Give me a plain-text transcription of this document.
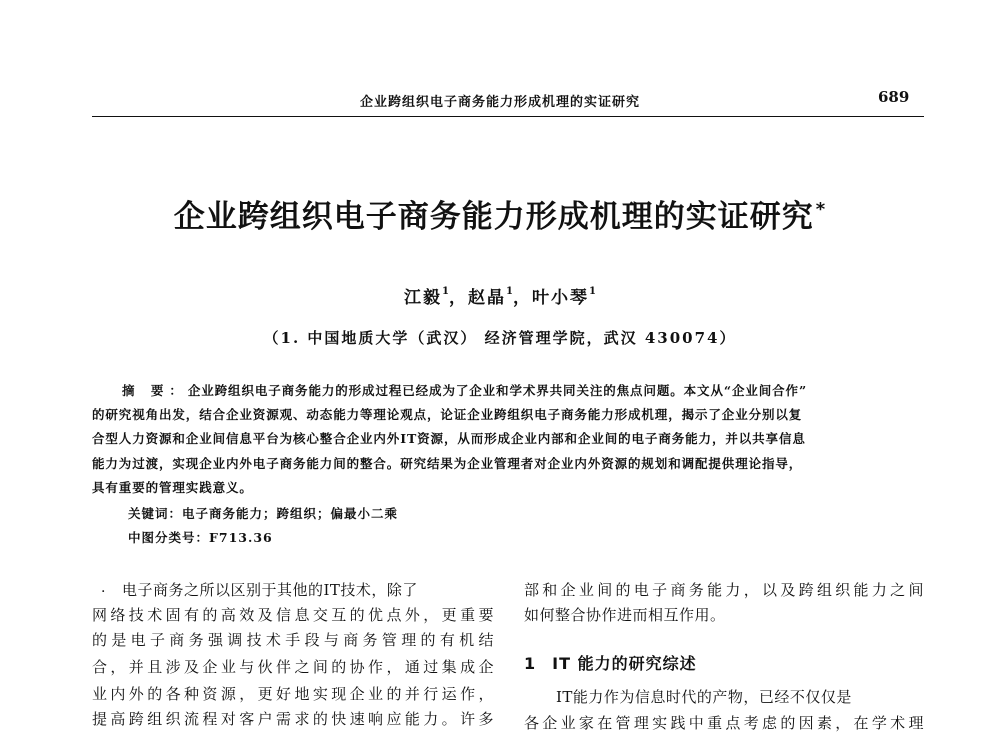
企业跨组织电子商务能力形成机理的实证研究	689
企业跨组织电子商务能力形成机理的实证研究 *
江毅$^1$，赵晶$^1$，叶小琴$^1$
（1. 中国地质大学（武汉） 经济管理学院，武汉 430074）
摘 要：企业跨组织电子商务能力的形成过程已经成为了企业和学术界共同关注的焦点问题。本文从“企业间合作”
的研究视角出发，结合企业资源观、动态能力等理论观点，论证企业跨组织电子商务能力形成机理，揭示了企业分别以复
合型人力资源和企业间信息平台为核心整合企业内外IT资源，从而形成企业内部和企业间的电子商务能力，并以共享信息
能力为过渡，实现企业内外电子商务能力间的整合。研究结果为企业管理者对企业内外资源的规划和调配提供理论指导，
具有重要的管理实践意义。
关键词：电子商务能力；跨组织；偏最小二乘
中图分类号：F713.36
· 电子商务之所以区别于其他的IT技术，除了
网络技术固有的高效及信息交互的优点外，更重要
的是电子商务强调技术手段与商务管理的有机结
合，并且涉及企业与伙伴之间的协作，通过集成企
业内外的各种资源，更好地实现企业的并行运作，
提高跨组织流程对客户需求的快速响应能力。许多
部和企业间的电子商务能力，以及跨组织能力之间
如何整合协作进而相互作用。
1 IT 能力的研究综述
IT能力作为信息时代的产物，已经不仅仅是
各企业家在管理实践中重点考虑的因素，在学术理
